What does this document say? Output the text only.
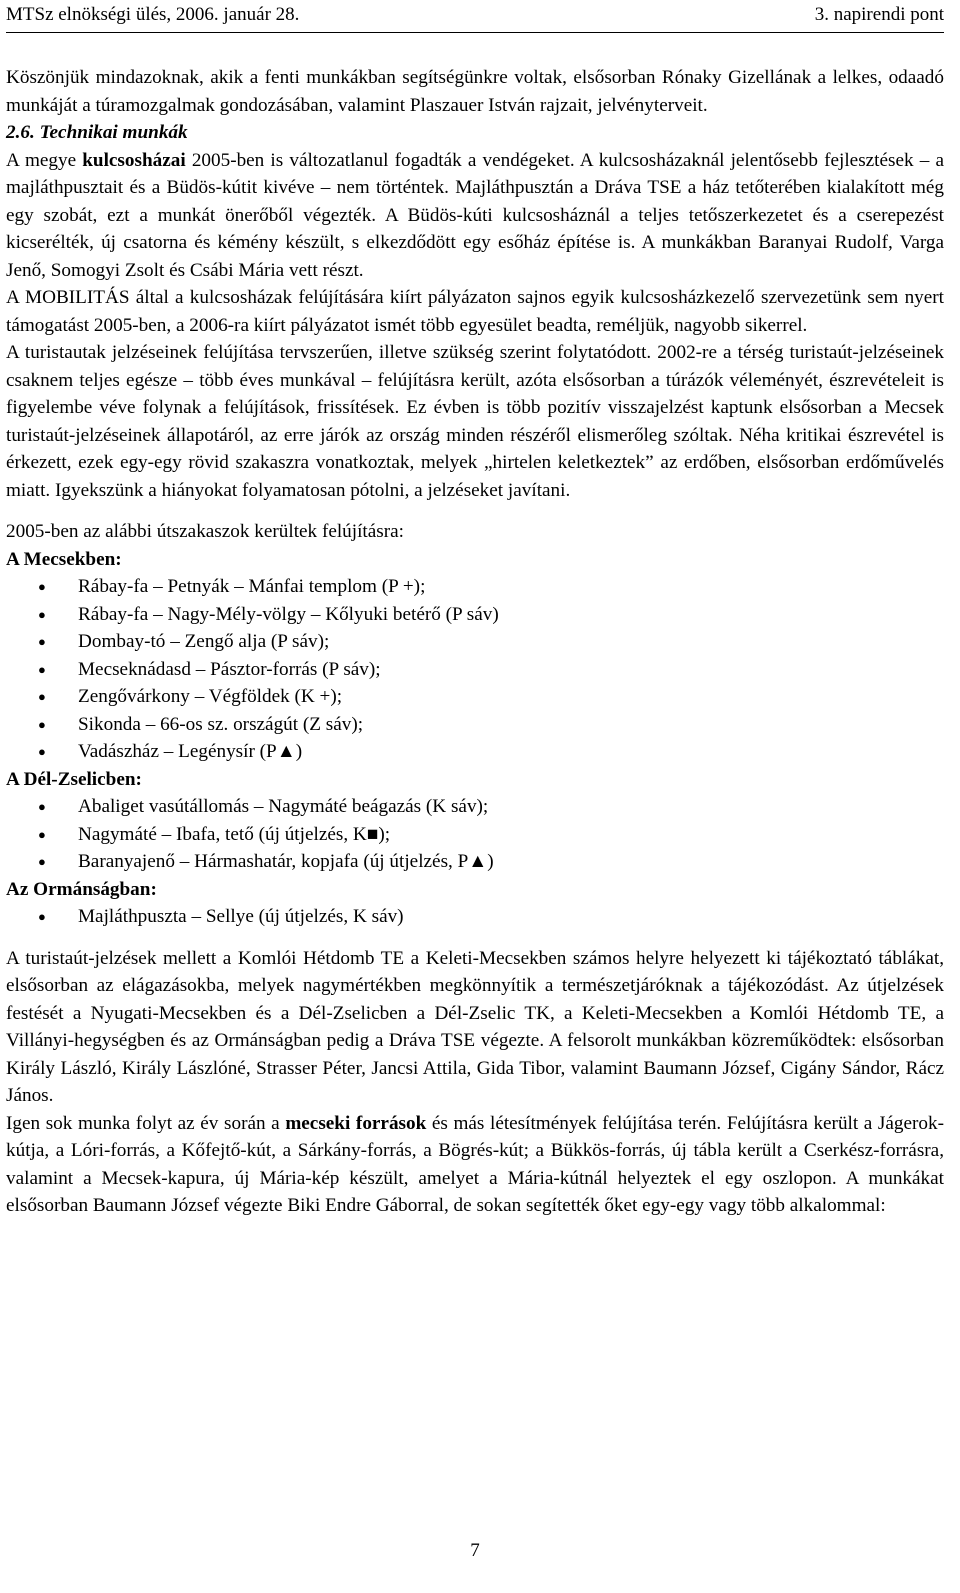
MTSz elnökségi ülés, 2006. január 28.	3. napirendi pont

Köszönjük mindazoknak, akik a fenti munkákban segítségünkre voltak, elsősorban Rónaky Gizellának a lelkes, odaadó munkáját a túramozgalmak gondozásában, valamint Plaszauer István rajzait, jelvényterveit.

2.6. Technikai munkák

A megye kulcsosházai 2005-ben is változatlanul fogadták a vendégeket. A kulcsosházaknál jelentősebb fejlesztések – a majláthpusztait és a Büdös-kútit kivéve – nem történtek. Majláthpusztán a Dráva TSE a ház tetőterében kialakított még egy szobát, ezt a munkát önerőből végezték. A Büdös-kúti kulcsosháznál a teljes tetőszerkezetet és a cserepezést kicserélték, új csatorna és kémény készült, s elkezdődött egy esőház építése is. A munkákban Baranyai Rudolf, Varga Jenő, Somogyi Zsolt és Csábi Mária vett részt.

A MOBILITÁS által a kulcsosházak felújítására kiírt pályázaton sajnos egyik kulcsosházkezelő szervezetünk sem nyert támogatást 2005-ben, a 2006-ra kiírt pályázatot ismét több egyesület beadta, reméljük, nagyobb sikerrel.

A turistautak jelzéseinek felújítása tervszerűen, illetve szükség szerint folytatódott. 2002-re a térség turistaút-jelzéseinek csaknem teljes egésze – több éves munkával – felújításra került, azóta elsősorban a túrázók véleményét, észrevételeit is figyelembe véve folynak a felújítások, frissítések. Ez évben is több pozitív visszajelzést kaptunk elsősorban a Mecsek turistaút-jelzéseinek állapotáról, az erre járók az ország minden részéről elismerőleg szóltak. Néha kritikai észrevétel is érkezett, ezek egy-egy rövid szakaszra vonatkoztak, melyek „hirtelen keletkeztek” az erdőben, elsősorban erdőművelés miatt. Igyekszünk a hiányokat folyamatosan pótolni, a jelzéseket javítani.

2005-ben az alábbi útszakaszok kerültek felújításra:

A Mecsekben:
● Rábay-fa – Petnyák – Mánfai templom (P +);
● Rábay-fa – Nagy-Mély-völgy – Kőlyuki betérő (P sáv)
● Dombay-tó – Zengő alja (P sáv);
● Mecseknádasd – Pásztor-forrás (P sáv);
● Zengővárkony – Végföldek (K +);
● Sikonda – 66-os sz. országút (Z sáv);
● Vadászház – Legénysír (P▲)
A Dél-Zselicben:
● Abaliget vasútállomás – Nagymáté beágazás (K sáv);
● Nagymáté – Ibafa, tető (új útjelzés, K■);
● Baranyajenő – Hármashatár, kopjafa (új útjelzés, P▲)
Az Ormánságban:
● Majláthpuszta – Sellye (új útjelzés, K sáv)

A turistaút-jelzések mellett a Komlói Hétdomb TE a Keleti-Mecsekben számos helyre helyezett ki tájékoztató táblákat, elsősorban az elágazásokba, melyek nagymértékben megkönnyítik a természetjáróknak a tájékozódást. Az útjelzések festését a Nyugati-Mecsekben és a Dél-Zselicben a Dél-Zselic TK, a Keleti-Mecsekben a Komlói Hétdomb TE, a Villányi-hegységben és az Ormánságban pedig a Dráva TSE végezte. A felsorolt munkákban közreműködtek: elsősorban Király László, Király Lászlóné, Strasser Péter, Jancsi Attila, Gida Tibor, valamint Baumann József, Cigány Sándor, Rácz János.

Igen sok munka folyt az év során a mecseki források és más létesítmények felújítása terén. Felújításra került a Jágerok-kútja, a Lóri-forrás, a Kőfejtő-kút, a Sárkány-forrás, a Bögrés-kút; a Bükkös-forrás, új tábla került a Cserkész-forrásra, valamint a Mecsek-kapura, új Mária-kép készült, amelyet a Mária-kútnál helyeztek el egy oszlopon. A munkákat elsősorban Baumann József végezte Biki Endre Gáborral, de sokan segítették őket egy-egy vagy több alkalommal:

7
